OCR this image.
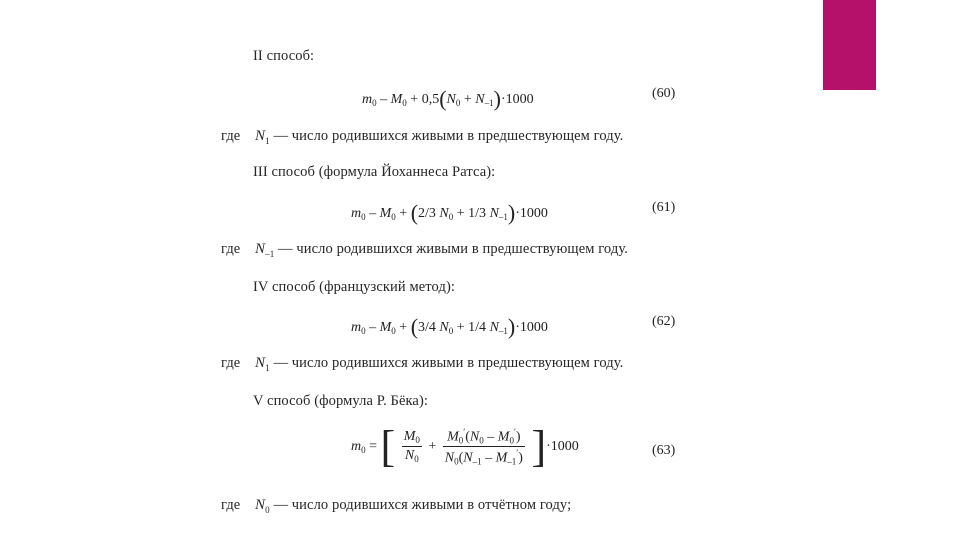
II способ:
$m_0 - M_0 + 0,5(N_0 + N_{-1})\cdot 1000$	(60)
где $N_1$ — число родившихся живыми в предшествующем году.
III способ (формула Йоханнеса Ратса):
$m_0 - M_0 + (2/3$ $N_0 + 1/3$ $N_{-1})\cdot 1000$	(61)
где $N_{-1}$ — число родившихся живыми в предшествующем году.
IV способ (французский метод):
$m_0 - M_0 + (3/4$ $N_0 + 1/4$ $N_{-1})\cdot 1000$	(62)
где $N_1$ — число родившихся живыми в предшествующем году.
V способ (формула Р. Бёка):
$m_0$ = [ $\frac{M_0}{N_0} + \frac{M_0'(N_0 - M_0')}{N_0(N_{-1} - M_{-1}')} ]\cdot 1000$	(63)
где $N_0$ — число родившихся живыми в отчётном году;
